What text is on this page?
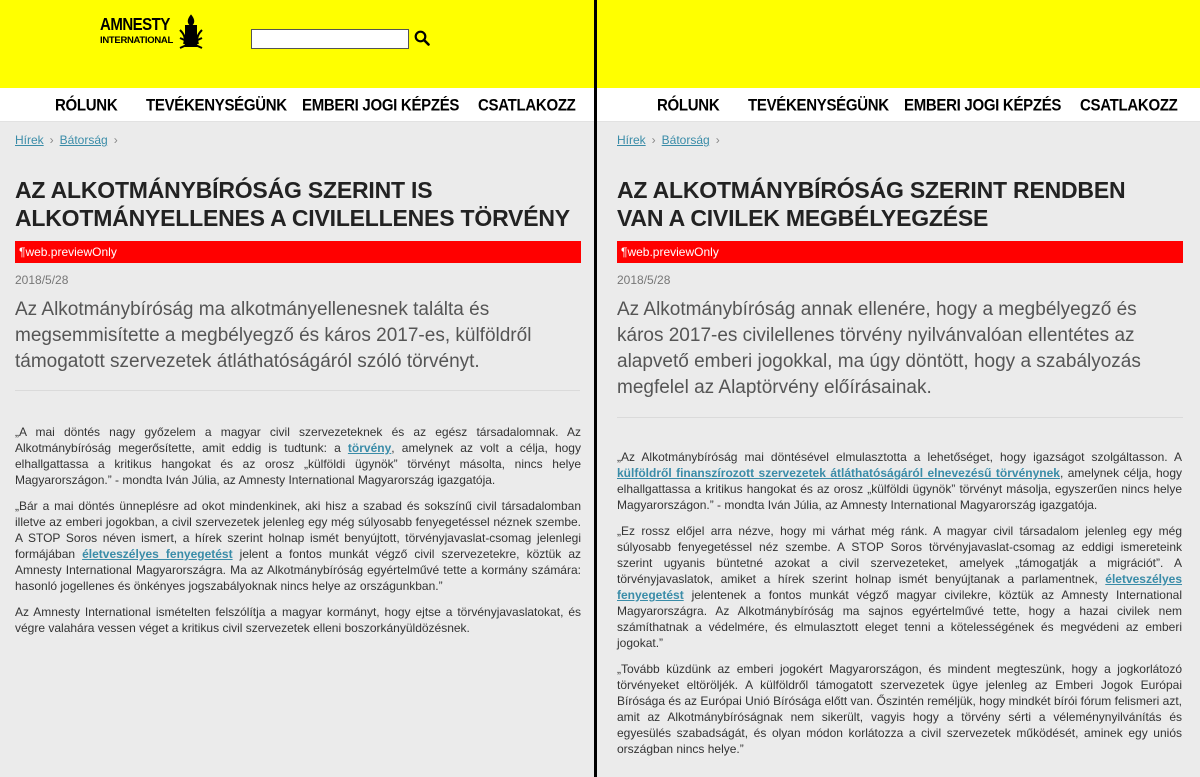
AMNESTY
INTERNATIONAL
RÓLUNK TEVÉKENYSÉGÜNK EMBERI JOGI KÉPZÉS CSATLAKOZZ
Hírek › Bátorság ›
AZ ALKOTMÁNYBÍRÓSÁG SZERINT IS ALKOTMÁNYELLENES A CIVILELLENES TÖRVÉNY
¶web.previewOnly
2018/5/28
Az Alkotmánybíróság ma alkotmányellenesnek találta és megsemmisítette a megbélyegző és káros 2017-es, külföldről támogatott szervezetek átláthatóságáról szóló törvényt.

„A mai döntés nagy győzelem a magyar civil szervezeteknek és az egész társadalomnak. Az Alkotmánybíróság megerősítette, amit eddig is tudtunk: a törvény, amelynek az volt a célja, hogy elhallgattassa a kritikus hangokat és az orosz „külföldi ügynök” törvényt másolta, nincs helye Magyarországon.” - mondta Iván Júlia, az Amnesty International Magyarország igazgatója.

„Bár a mai döntés ünneplésre ad okot mindenkinek, aki hisz a szabad és sokszínű civil társadalomban illetve az emberi jogokban, a civil szervezetek jelenleg egy még súlyosabb fenyegetéssel néznek szembe. A STOP Soros néven ismert, a hírek szerint holnap ismét benyújtott, törvényjavaslat-csomag jelenlegi formájában életveszélyes fenyegetést jelent a fontos munkát végző civil szervezetekre, köztük az Amnesty International Magyarországra. Ma az Alkotmánybíróság egyértelművé tette a kormány számára: hasonló jogellenes és önkényes jogszabályoknak nincs helye az országunkban.”

Az Amnesty International ismételten felszólítja a magyar kormányt, hogy ejtse a törvényjavaslatokat, és végre valahára vessen véget a kritikus civil szervezetek elleni boszorkányüldözésnek.

RÓLUNK TEVÉKENYSÉGÜNK EMBERI JOGI KÉPZÉS CSATLAKOZZ
Hírek › Bátorság ›
AZ ALKOTMÁNYBÍRÓSÁG SZERINT RENDBEN VAN A CIVILEK MEGBÉLYEGZÉSE
¶web.previewOnly
2018/5/28
Az Alkotmánybíróság annak ellenére, hogy a megbélyegző és káros 2017-es civilellenes törvény nyilvánvalóan ellentétes az alapvető emberi jogokkal, ma úgy döntött, hogy a szabályozás megfelel az Alaptörvény előírásainak.

„Az Alkotmánybíróság mai döntésével elmulasztotta a lehetőséget, hogy igazságot szolgáltasson. A külföldről finanszírozott szervezetek átláthatóságáról elnevezésű törvénynek, amelynek célja, hogy elhallgattassa a kritikus hangokat és az orosz „külföldi ügynök” törvényt másolja, egyszerűen nincs helye Magyarországon.” - mondta Iván Júlia, az Amnesty International Magyarország igazgatója.

„Ez rossz előjel arra nézve, hogy mi várhat még ránk. A magyar civil társadalom jelenleg egy még súlyosabb fenyegetéssel néz szembe. A STOP Soros törvényjavaslat-csomag az eddigi ismereteink szerint ugyanis büntetné azokat a civil szervezeteket, amelyek „támogatják a migrációt”. A törvényjavaslatok, amiket a hírek szerint holnap ismét benyújtanak a parlamentnek, életveszélyes fenyegetést jelentenek a fontos munkát végző magyar civilekre, köztük az Amnesty International Magyarországra. Az Alkotmánybíróság ma sajnos egyértelművé tette, hogy a hazai civilek nem számíthatnak a védelmére, és elmulasztott eleget tenni a kötelességének és megvédeni az emberi jogokat.”

„Tovább küzdünk az emberi jogokért Magyarországon, és mindent megteszünk, hogy a jogkorlátozó törvényeket eltöröljék. A külföldről támogatott szervezetek ügye jelenleg az Emberi Jogok Európai Bírósága és az Európai Unió Bírósága előtt van. Őszintén reméljük, hogy mindkét bírói fórum felismeri azt, amit az Alkotmánybíróságnak nem sikerült, vagyis hogy a törvény sérti a véleménynyilvánítás és egyesülés szabadságát, és olyan módon korlátozza a civil szervezetek működését, aminek egy uniós országban nincs helye.”
